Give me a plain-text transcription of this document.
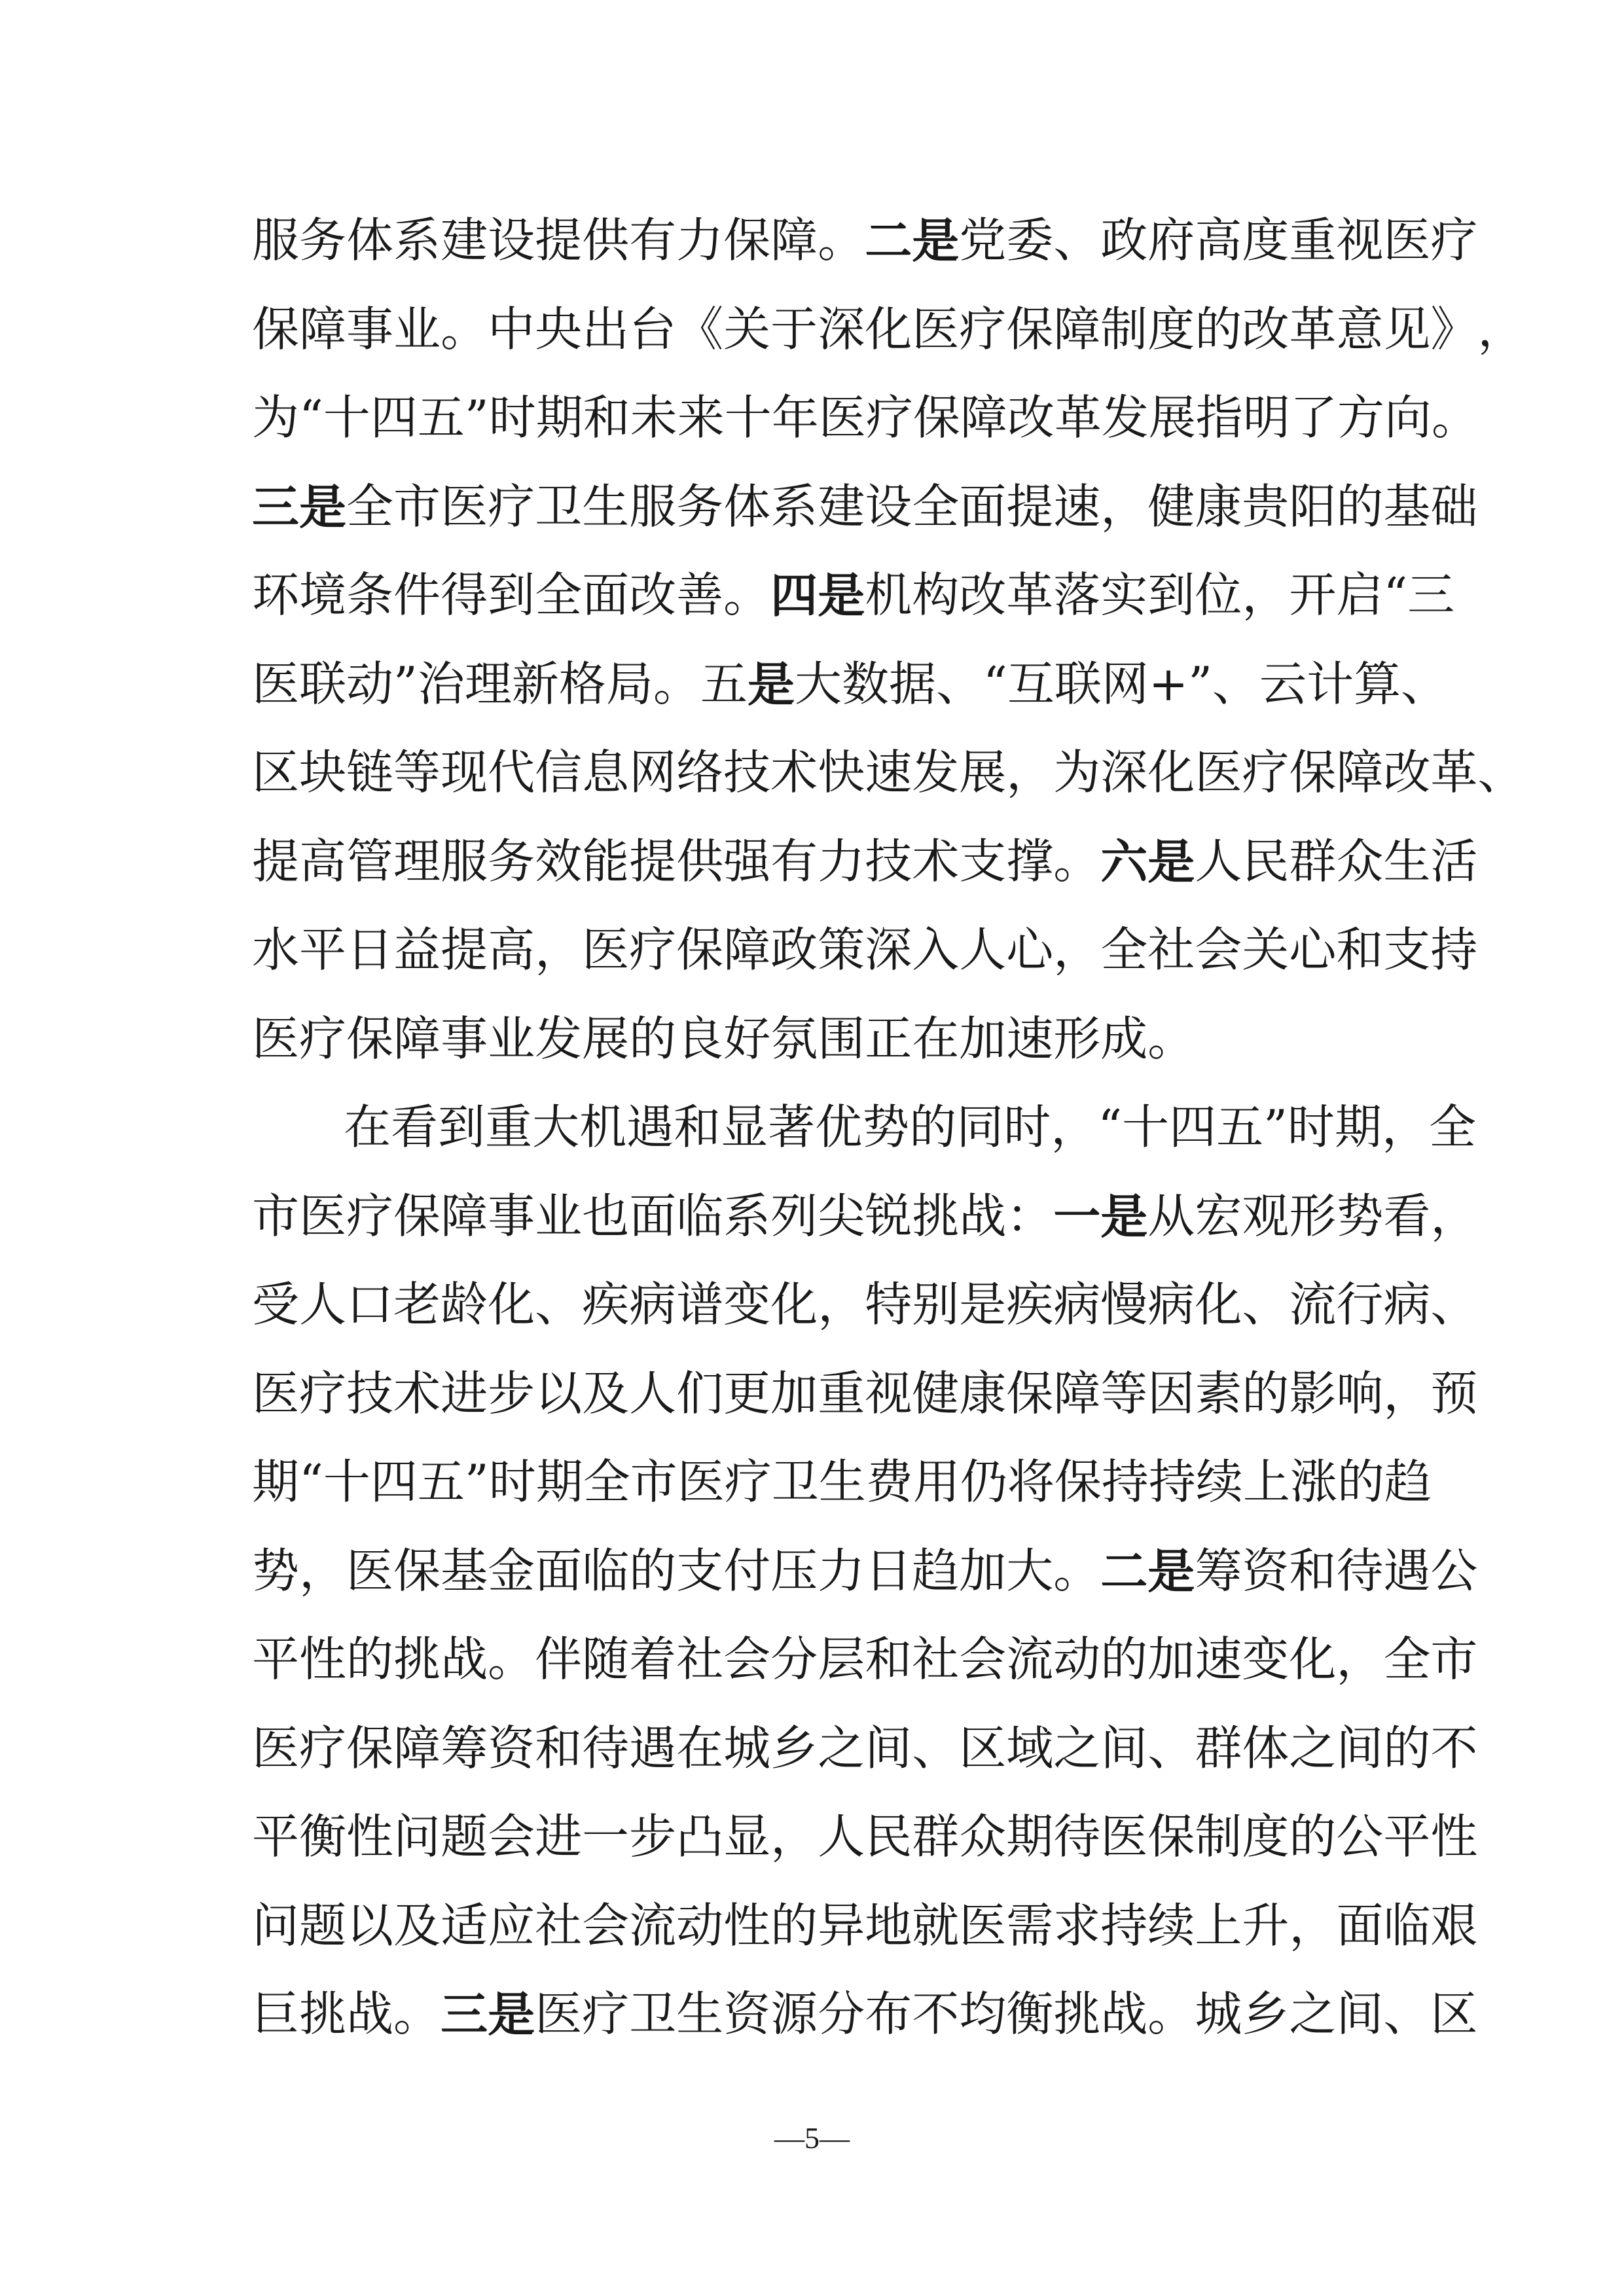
服 务 体 系 建 设 提 供 有 力 保 障 。 二 是 党 委 、 政 府 高 度 重 视 医 疗
保 障 事 业 。 中 央 出 台 《 关 于 深 化 医 疗 保 障 制 度 的 改 革 意 见 》 ，
为 “ 十 四 五 ” 时 期 和 未 来 十 年 医 疗 保 障 改 革 发 展 指 明 了 方 向 。
三 是 全 市 医 疗 卫 生 服 务 体 系 建 设 全 面 提 速 ， 健 康 贵 阳 的 基 础
环 境 条 件 得 到 全 面 改 善 。 四 是 机 构 改 革 落 实 到 位 ， 开 启 “ 三
医 联 动 ” 治 理 新 格 局 。 五 是 大 数 据 、 “ 互 联 网 + ” 、 云 计 算 、
区 块 链 等 现 代 信 息 网 络 技 术 快 速 发 展 ， 为 深 化 医 疗 保 障 改 革 、
提 高 管 理 服 务 效 能 提 供 强 有 力 技 术 支 撑 。 六 是 人 民 群 众 生 活
水 平 日 益 提 高 ， 医 疗 保 障 政 策 深 入 人 心 ， 全 社 会 关 心 和 支 持
医 疗 保 障 事 业 发 展 的 良 好 氛 围 正 在 加 速 形 成 。
在 看 到 重 大 机 遇 和 显 著 优 势 的 同 时 ， “ 十 四 五 ” 时 期 ， 全
市 医 疗 保 障 事 业 也 面 临 系 列 尖 锐 挑 战 ： 一 是 从 宏 观 形 势 看 ，
受 人 口 老 龄 化 、 疾 病 谱 变 化 ， 特 别 是 疾 病 慢 病 化 、 流 行 病 、
医 疗 技 术 进 步 以 及 人 们 更 加 重 视 健 康 保 障 等 因 素 的 影 响 ， 预
期 “ 十 四 五 ” 时 期 全 市 医 疗 卫 生 费 用 仍 将 保 持 持 续 上 涨 的 趋
势 ， 医 保 基 金 面 临 的 支 付 压 力 日 趋 加 大 。 二 是 筹 资 和 待 遇 公
平 性 的 挑 战 。 伴 随 着 社 会 分 层 和 社 会 流 动 的 加 速 变 化 ， 全 市
医 疗 保 障 筹 资 和 待 遇 在 城 乡 之 间 、 区 域 之 间 、 群 体 之 间 的 不
平 衡 性 问 题 会 进 一 步 凸 显 ， 人 民 群 众 期 待 医 保 制 度 的 公 平 性
问 题 以 及 适 应 社 会 流 动 性 的 异 地 就 医 需 求 持 续 上 升 ， 面 临 艰
巨 挑 战 。 三 是 医 疗 卫 生 资 源 分 布 不 均 衡 挑 战 。 城 乡 之 间 、 区
—5—
